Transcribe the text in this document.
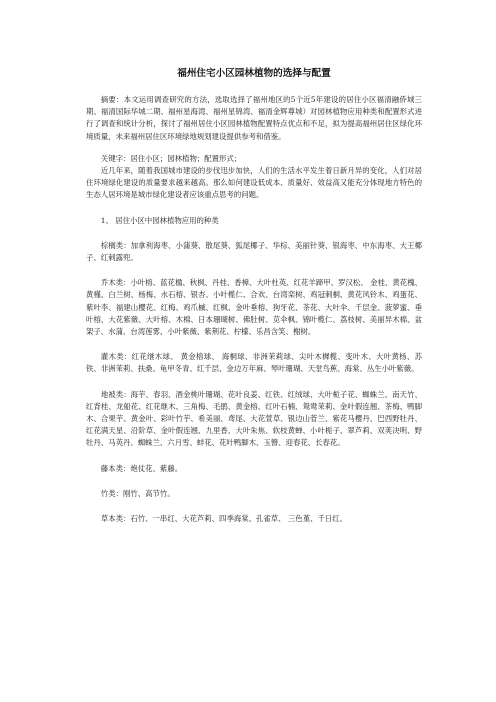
福州住宅小区园林植物的选择与配置

摘要：本文运用调查研究的方法，选取选择了福州地区的5个近5年建设的居住小区福清融侨城三期、福清国际华城二期、福州星海湾、福州星锦湾、福清金辉尊城）对园林植物应用种类和配置形式进行了调查和统计分析，探讨了福州居住小区园林植物配置特点优点和不足，拟为提高福州居住区绿化环境质量，未来福州居住区环境绿地规划建设提供参考和借鉴。

关键字：居住小区；园林植物；配置形式；

近几年来，随着我国城市建设的步伐迅步加快，人们的生活水平发生着日新月异的变化，人们对居住环境绿化建设的质量要求越来越高。那么如何建设低成本、质量好、效益高又能充分体现地方特色的生态人居环境是城市绿化建设者应该重点思考的问题。

1、 居住小区中园林植物应用的种类

棕榈类：加拿利海枣、小蒲葵、散尾葵、狐尾椰子、华棕、美丽针葵、银海枣、中东海枣、大王椰子、红刺露兜。

乔木类：小叶榕、蓝花楹、秋枫、丹桂、香樟、大叶杜英、红花羊蹄甲、罗汉松、 金桂、黄花槐、黄槿、白兰树、杨梅、水石榕、银杏、小叶榄仁、合欢、台湾栾树、鸡冠刺桐、黄花风铃木、鸡蛋花、紫叶李、福建山樱花、红梅、鸡爪槭、红枫、金叶垂榕、狗牙花、茶花、大叶伞、千层金、菠萝蜜、垂叶榕、大花紫薇、大叶榕、木棉、日本珊瑚树、佛肚树、苋伞枫、锦叶榄仁、荔枝树、美丽异木棉、盆架子、水蒲、台湾莲雾、小叶紫薇、紫荆花、柠檬、乐昌含笑、榭树。

灌木类：红花继木球、 黄金榕球、 海桐球、非洲茉莉球、尖叶木樨榄、变叶木、大叶黄杨、苏铁、非洲茉莉、扶桑、龟甲冬青、红千层、金边万年麻、琴叶珊瑚、天堂鸟蕉、海棠、丛生小叶紫薇。

地被类：海芋、春羽、酒金桃叶珊瑚、花叶良姜、红铁、红绒球、大叶栀子花、蜘蛛兰、南天竹、红背桂、龙船花、红花继木、三角梅、毛鹃、黄金榕、红叶石楠、鸳鸯茉莉、金叶假连翘、茶梅、鸭脚木、合果芋、黄金叶、彩叶竹芋、希美丽、鸢尾、大花萱草、银边山菅兰、紫花马樱丹、巴西野牡丹、红花满天星、沿阶草、金叶假连翘、九里香、大叶朱焦、软枝黄蝉、小叶栀子、翠芦莉、双荚决明、野牡丹、马英丹、蜘蛛兰、六月雪、蚌花、花叶鸭脚木、玉簪、迎春花、长春花。

藤本类：炮仗花、紫藤。

竹类：刚竹、高节竹。

草本类：石竹、一串红、大花芦莉、四季海棠、孔雀草、 三色堇、千日红、
